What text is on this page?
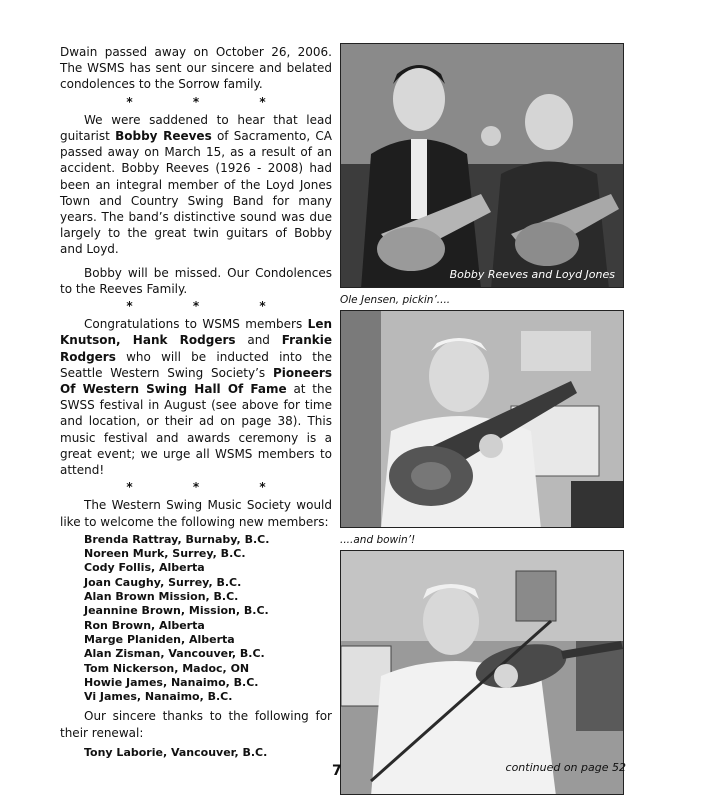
Dwain passed away on October 26, 2006. The WSMS has sent our sincere and belated condolences to the Sorrow family.

* * *

We were saddened to hear that lead guitarist Bobby Reeves of Sacramento, CA passed away on March 15, as a result of an accident. Bobby Reeves (1926 - 2008) had been an integral member of the Loyd Jones Town and Country Swing Band for many years. The band’s distinctive sound was due largely to the great twin guitars of Bobby and Loyd.

Bobby will be missed. Our Condolences to the Reeves Family.

* * *

Congratulations to WSMS members Len Knutson, Hank Rodgers and Frankie Rodgers who will be inducted into the Seattle Western Swing Society’s Pioneers Of Western Swing Hall Of Fame at the SWSS festival in August (see above for time and location, or their ad on page 38). This music festival and awards ceremony is a great event; we urge all WSMS members to attend!

* * *

The Western Swing Music Society would like to welcome the following new members:

Brenda Rattray, Burnaby, B.C.
Noreen Murk, Surrey, B.C.
Cody Follis, Alberta
Joan Caughy, Surrey, B.C.
Alan Brown Mission, B.C.
Jeannine Brown, Mission, B.C.
Ron Brown, Alberta
Marge Planiden, Alberta
Alan Zisman, Vancouver, B.C.
Tom Nickerson, Madoc, ON
Howie James, Nanaimo, B.C.
Vi James, Nanaimo, B.C.

Our sincere thanks to the following for their renewal:

Tony Laborie, Vancouver, B.C.
Bobby Reeves and Loyd Jones
Ole Jensen, pickin’....
....and bowin’!
7	continued on page 52
